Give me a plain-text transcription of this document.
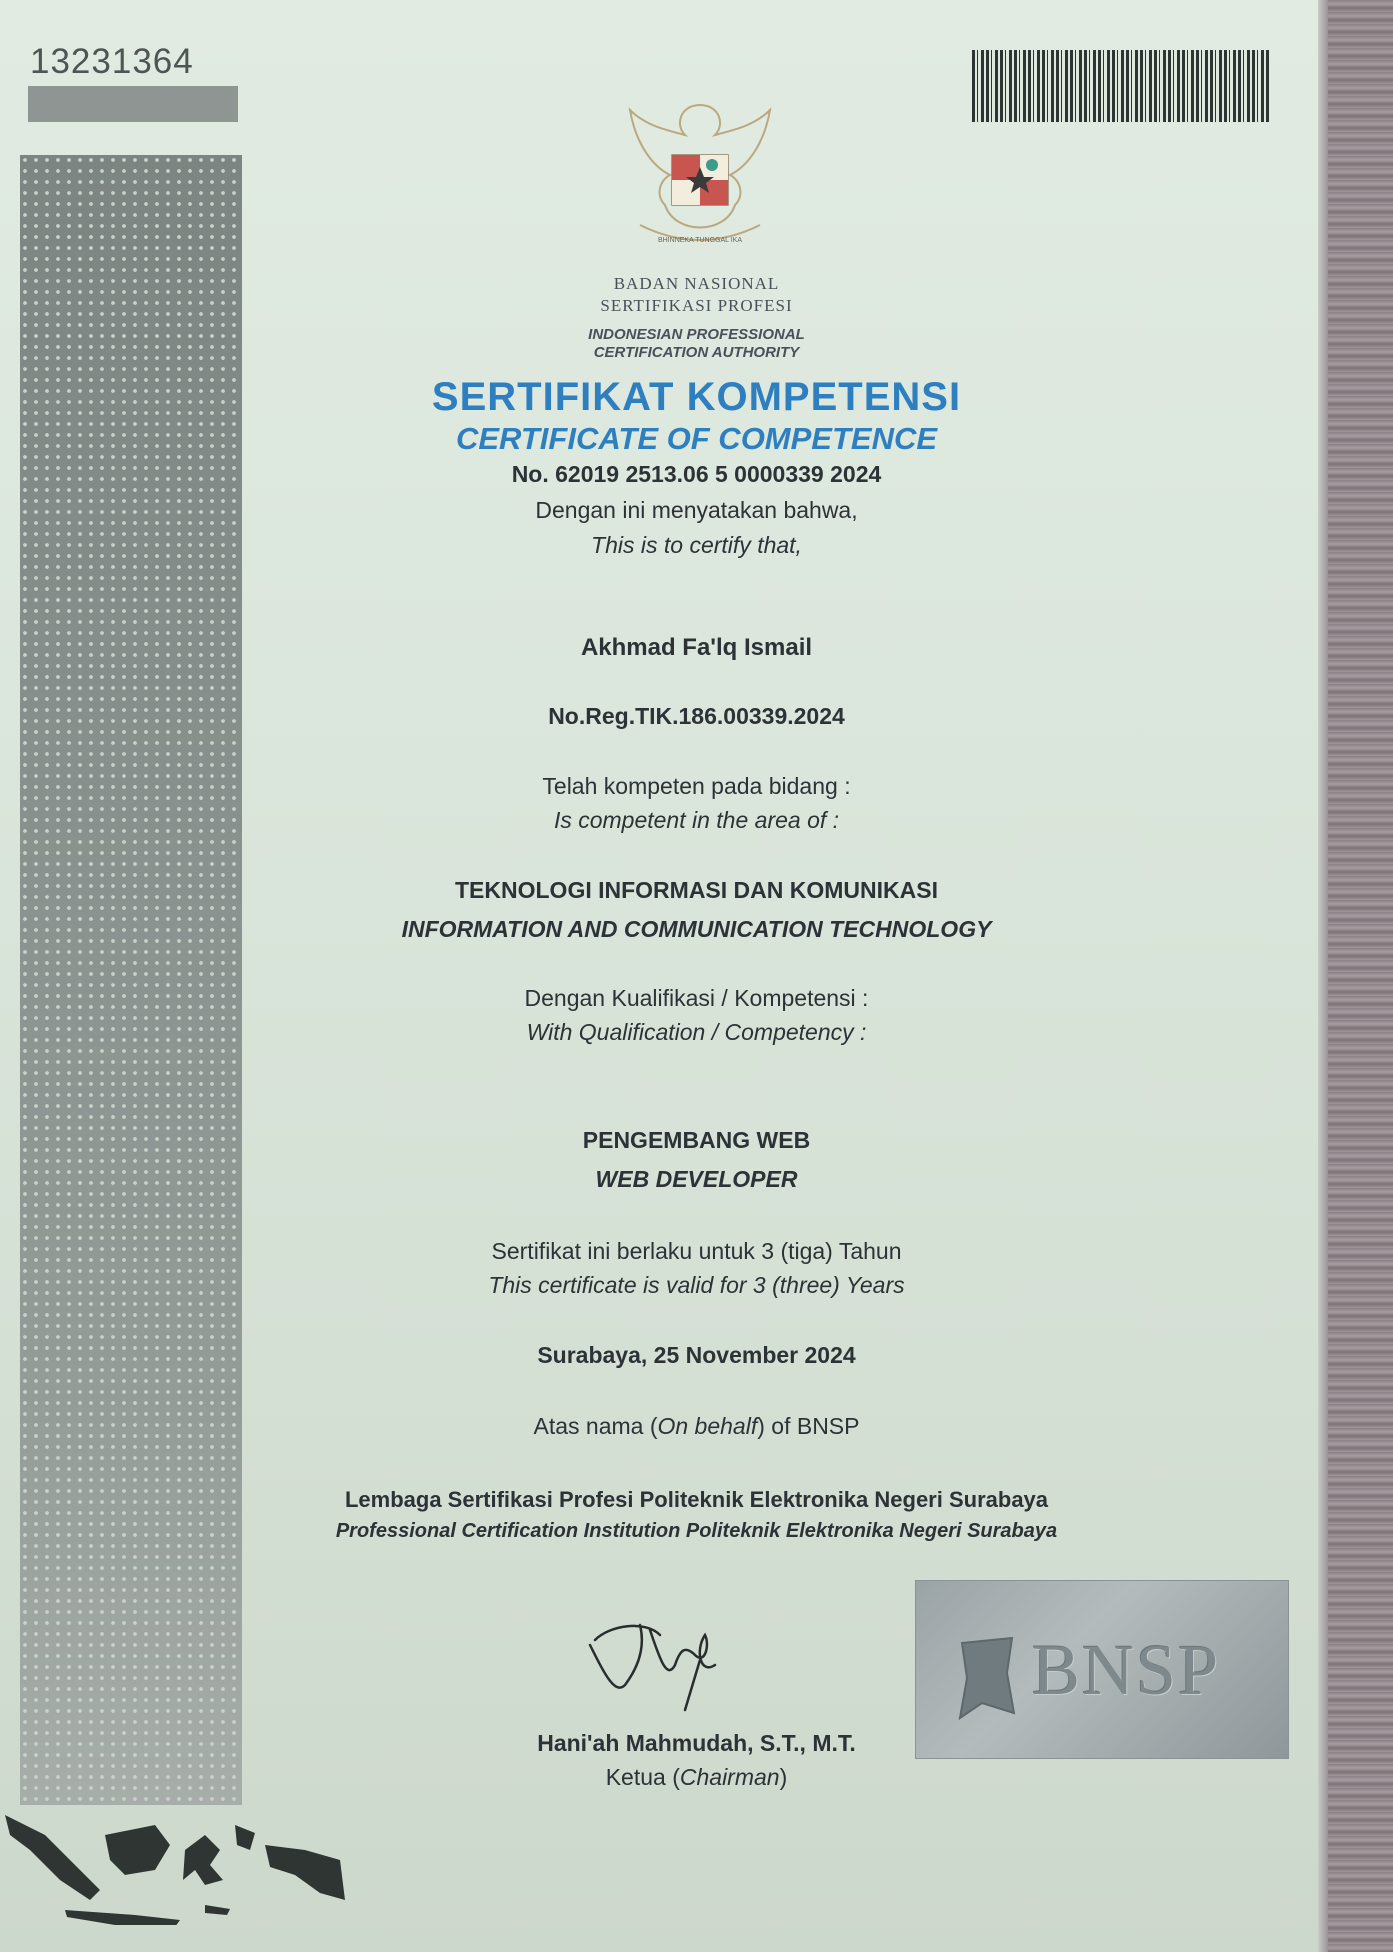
13231364
BHINNEKA TUNGGAL IKA
BADAN NASIONAL
SERTIFIKASI PROFESI
INDONESIAN PROFESSIONAL
CERTIFICATION AUTHORITY
SERTIFIKAT KOMPETENSI
CERTIFICATE OF COMPETENCE
No. 62019 2513.06 5 0000339 2024
Dengan ini menyatakan bahwa,
This is to certify that,
Akhmad Fa'lq Ismail
No.Reg.TIK.186.00339.2024
Telah kompeten pada bidang :
Is competent in the area of :
TEKNOLOGI INFORMASI DAN KOMUNIKASI
INFORMATION AND COMMUNICATION TECHNOLOGY
Dengan Kualifikasi / Kompetensi :
With Qualification / Competency :
PENGEMBANG WEB
WEB DEVELOPER
Sertifikat ini berlaku untuk 3 (tiga) Tahun
This certificate is valid for 3 (three) Years
Surabaya, 25 November 2024
Atas nama (On behalf) of BNSP
Lembaga Sertifikasi Profesi Politeknik Elektronika Negeri Surabaya
Professional Certification Institution Politeknik Elektronika Negeri Surabaya
Hani'ah Mahmudah, S.T., M.T.
Ketua (Chairman)
BNSP
